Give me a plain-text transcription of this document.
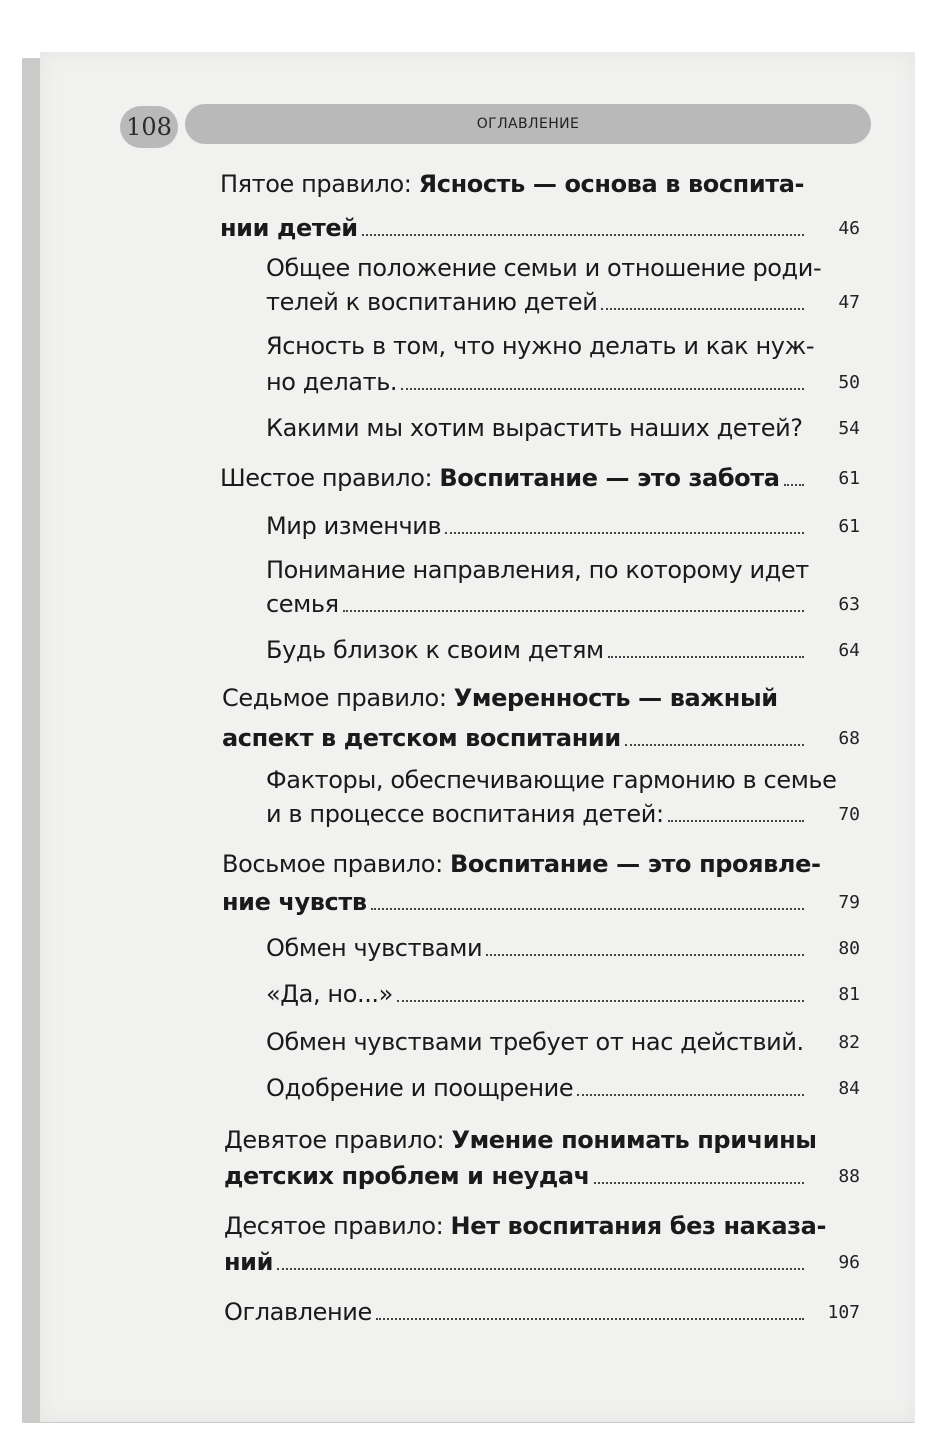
108	ОГЛАВЛЕНИЕ
Пятое правило: Ясность — основа в воспита-
нии детей	46
Общее положение семьи и отношение роди-
телей к воспитанию детей	47
Ясность в том, что нужно делать и как нуж-
но делать.	50
Какими мы хотим вырастить наших детей?	54
Шестое правило: Воспитание — это забота	61
Мир изменчив	61
Понимание направления, по которому идет
семья	63
Будь близок к своим детям	64
Седьмое правило: Умеренность — важный
аспект в детском воспитании	68
Факторы, обеспечивающие гармонию в семье
и в процессе воспитания детей:	70
Восьмое правило: Воспитание — это проявле-
ние чувств	79
Обмен чувствами	80
«Да, но...»	81
Обмен чувствами требует от нас действий.	82
Одобрение и поощрение	84
Девятое правило: Умение понимать причины
детских проблем и неудач	88
Десятое правило: Нет воспитания без наказа-
ний	96
Оглавление	107
